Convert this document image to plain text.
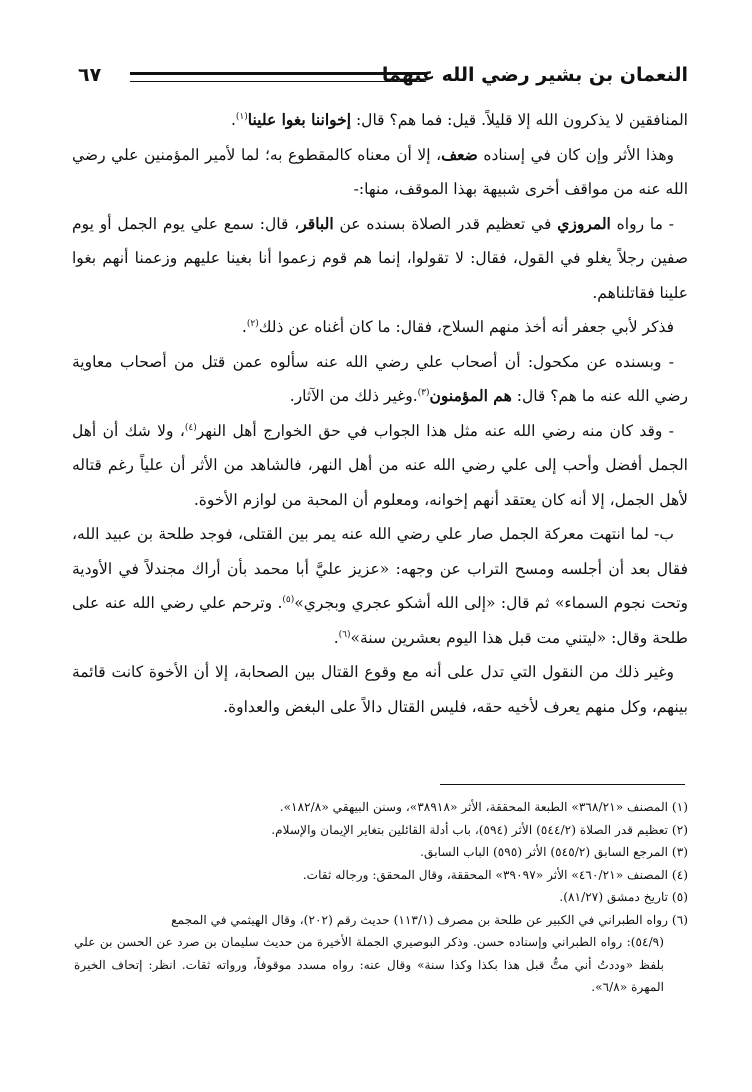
النعمان بن بشير رضي الله عنهما
٦٧

المنافقين لا يذكرون الله إلا قليلاً. قيل: فما هم؟ قال: إخواننا بغوا علينا$^{(١)}$.

وهذا الأثر وإن كان في إسناده ضعف، إلا أن معناه كالمقطوع به؛ لما لأمير المؤمنين علي رضي الله عنه من مواقف أخرى شبيهة بهذا الموقف، منها:-

- ما رواه المروزي في تعظيم قدر الصلاة بسنده عن الباقر، قال: سمع علي يوم الجمل أو يوم صفين رجلاً يغلو في القول، فقال: لا تقولوا، إنما هم قوم زعموا أنا بغينا عليهم وزعمنا أنهم بغوا علينا فقاتلناهم.

فذكر لأبي جعفر أنه أخذ منهم السلاح، فقال: ما كان أغناه عن ذلك$^{(٢)}$.

- وبسنده عن مكحول: أن أصحاب علي رضي الله عنه سألوه عمن قتل من أصحاب معاوية رضي الله عنه ما هم؟ قال: هم المؤمنون$^{(٣)}$.وغير ذلك من الآثار.

- وقد كان منه رضي الله عنه مثل هذا الجواب في حق الخوارج أهل النهر$^{(٤)}$، ولا شك أن أهل الجمل أفضل وأحب إلى علي رضي الله عنه من أهل النهر، فالشاهد من الأثر أن علياً رغم قتاله لأهل الجمل، إلا أنه كان يعتقد أنهم إخوانه، ومعلوم أن المحبة من لوازم الأخوة.

ب- لما انتهت معركة الجمل صار علي رضي الله عنه يمر بين القتلى، فوجد طلحة بن عبيد الله، فقال بعد أن أجلسه ومسح التراب عن وجهه: «عزيز عليَّ أبا محمد بأن أراك مجندلاً في الأودية وتحت نجوم السماء» ثم قال: «إلى الله أشكو عجري وبجري»$^{(٥)}$. وترحم علي رضي الله عنه على طلحة وقال: «ليتني مت قبل هذا اليوم بعشرين سنة»$^{(٦)}$.

وغير ذلك من النقول التي تدل على أنه مع وقوع القتال بين الصحابة، إلا أن الأخوة كانت قائمة بينهم، وكل منهم يعرف لأخيه حقه، فليس القتال دالاً على البغض والعداوة.

(١) المصنف «٣٦٨/٢١» الطبعة المحققة، الأثر «٣٨٩١٨»، وسنن البيهقي «١٨٢/٨».

(٢) تعظيم قدر الصلاة (٥٤٤/٢) الأثر (٥٩٤)، باب أدلة القائلين بتغاير الإيمان والإسلام.

(٣) المرجع السابق (٥٤٥/٢) الأثر (٥٩٥) الباب السابق.

(٤) المصنف «٤٦٠/٢١» الأثر «٣٩٠٩٧» المحققة، وقال المحقق: ورجاله ثقات.

(٥) تاريخ دمشق (٨١/٢٧).

(٦) رواه الطبراني في الكبير عن طلحة بن مصرف (١١٣/١) حديث رقم (٢٠٢)، وقال الهيثمي في المجمع

(٥٤/٩): رواه الطبراني وإسناده حسن. وذكر البوصيري الجملة الأخيرة من حديث سليمان بن صرد عن الحسن بن علي بلفظ «وددتُ أني متُّ قبل هذا بكذا وكذا سنة» وقال عنه: رواه مسدد موقوفاً، ورواته ثقات. انظر: إتحاف الخيرة المهرة «٦/٨».
